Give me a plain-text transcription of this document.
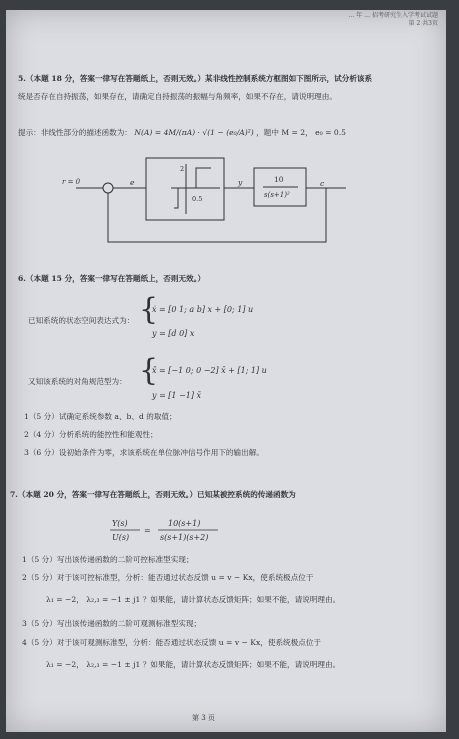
… 年 … 招考研究生入学考试试题
第 2 共3页
5.（本题 18 分，答案一律写在答题纸上，否则无效。）某非线性控制系统方框图如下图所示，试分析该系
统是否存在自持振荡，如果存在，请确定自持振荡的振幅与角频率，如果不存在，请说明理由。
提示：非线性部分的描述函数为： N(A) = 4M/(πA) · √(1 − (e₀/A)²) ，题中 M = 2， e₀ = 0.5
r = 0	e
2
0.5
y	10
s(s+1)²
c
6.（本题 15 分，答案一律写在答题纸上，否则无效。）
已知系统的状态空间表达式为： {
ẋ = [0 1; a b] x + [0; 1] u
y = [d 0] x
又知该系统的对角规范型为： {
x̄̇ = [−1 0; 0 −2] x̄ + [1; 1] u
y = [1 −1] x̄
1（5 分）试确定系统参数 a、b、d 的取值；
2（4 分）分析系统的能控性和能观性；
3（6 分）设初始条件为零，求该系统在单位脉冲信号作用下的输出解。
7.（本题 20 分，答案一律写在答题纸上，否则无效。）已知某被控系统的传递函数为
Y(s)
U(s)
=
10(s+1)
s(s+1)(s+2)
1（5 分）写出该传递函数的二阶可控标准型实现；
2（5 分）对于该可控标准型，分析：能否通过状态反馈 u = v − Kx，使系统极点位于
λ₁ = −2， λ₂,₃ = −1 ± j1 ？如果能，请计算状态反馈矩阵；如果不能，请说明理由。
3（5 分）写出该传递函数的二阶可观测标准型实现；
4（5 分）对于该可观测标准型，分析：能否通过状态反馈 u = v − Kx，使系统极点位于
λ₁ = −2， λ₂,₃ = −1 ± j1 ？如果能，请计算状态反馈矩阵；如果不能，请说明理由。
第 3 页
